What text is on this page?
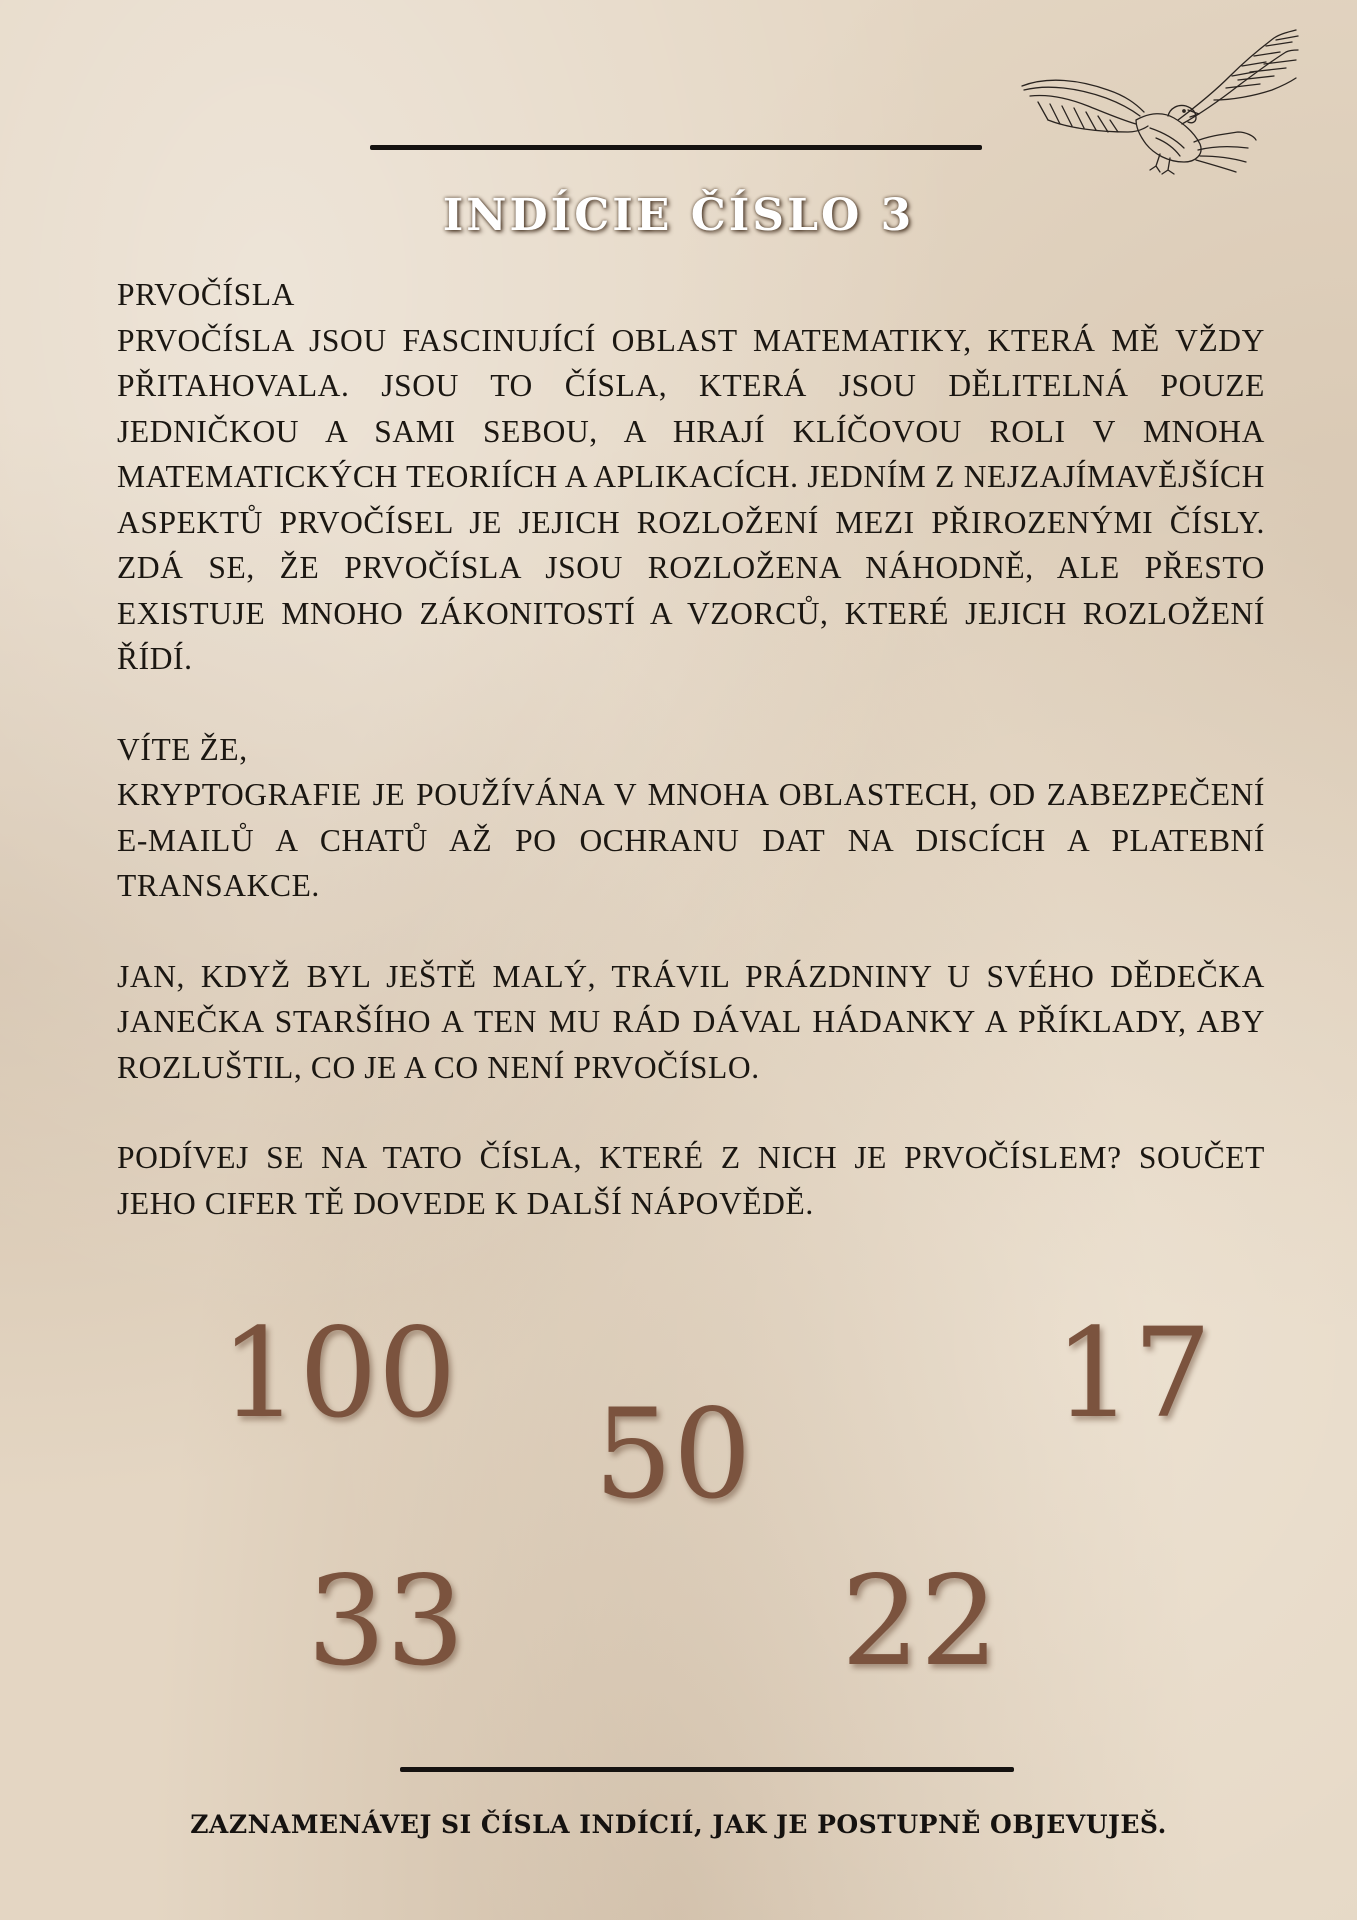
INDÍCIE ČÍSLO 3

PRVOČÍSLA

PRVOČÍSLA JSOU FASCINUJÍCÍ OBLAST MATEMATIKY, KTERÁ MĚ VŽDY PŘITAHOVALA. JSOU TO ČÍSLA, KTERÁ JSOU DĚLITELNÁ POUZE JEDNIČKOU A SAMI SEBOU, A HRAJÍ KLÍČOVOU ROLI V MNOHA MATEMATICKÝCH TEORIÍCH A APLIKACÍCH. JEDNÍM Z NEJZAJÍMAVĚJŠÍCH ASPEKTŮ PRVOČÍSEL JE JEJICH ROZLOŽENÍ MEZI PŘIROZENÝMI ČÍSLY. ZDÁ SE, ŽE PRVOČÍSLA JSOU ROZLOŽENA NÁHODNĚ, ALE PŘESTO EXISTUJE MNOHO ZÁKONITOSTÍ A VZORCŮ, KTERÉ JEJICH ROZLOŽENÍ ŘÍDÍ.

VÍTE ŽE,

KRYPTOGRAFIE JE POUŽÍVÁNA V MNOHA OBLASTECH, OD ZABEZPEČENÍ E-MAILŮ A CHATŮ AŽ PO OCHRANU DAT NA DISCÍCH A PLATEBNÍ TRANSAKCE.

JAN, KDYŽ BYL JEŠTĚ MALÝ, TRÁVIL PRÁZDNINY U SVÉHO DĚDEČKA JANEČKA STARŠÍHO A TEN MU RÁD DÁVAL HÁDANKY A PŘÍKLADY, ABY ROZLUŠTIL, CO JE A CO NENÍ PRVOČÍSLO.

PODÍVEJ SE NA TATO ČÍSLA, KTERÉ Z NICH JE PRVOČÍSLEM? SOUČET JEHO CIFER TĚ DOVEDE K DALŠÍ NÁPOVĚDĚ.

100	17
50
33	22
ZAZNAMENÁVEJ SI ČÍSLA INDÍCIÍ, JAK JE POSTUPNĚ OBJEVUJEŠ.
